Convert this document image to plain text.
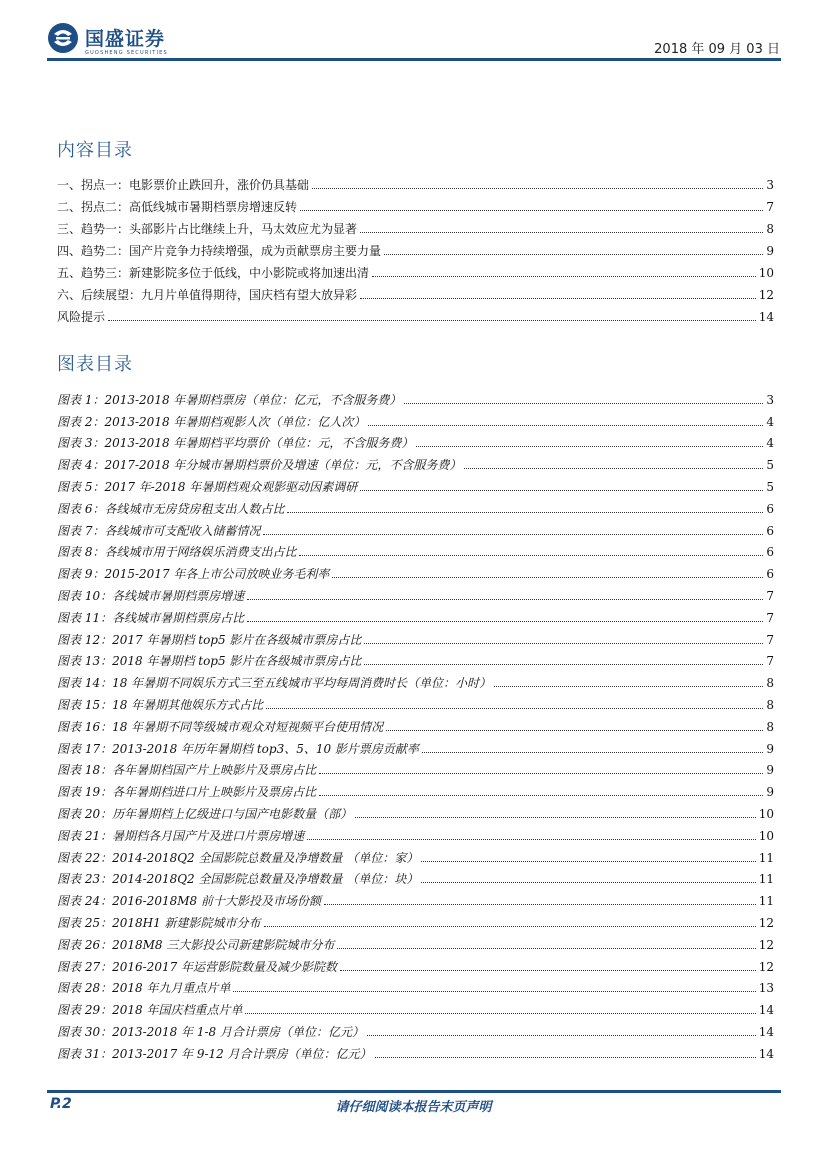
国盛证券
GUOSHENG SECURITIES	2018 年 09 月 03 日
内容目录
一、拐点一：电影票价止跌回升，涨价仍具基础	3
二、拐点二：高低线城市暑期档票房增速反转	7
三、趋势一：头部影片占比继续上升，马太效应尤为显著	8
四、趋势二：国产片竞争力持续增强，成为贡献票房主要力量	9
五、趋势三：新建影院多位于低线，中小影院或将加速出清	10
六、后续展望：九月片单值得期待，国庆档有望大放异彩	12
风险提示	14
图表目录
图表 1：2013-2018 年暑期档票房（单位：亿元，不含服务费）	3
图表 2：2013-2018 年暑期档观影人次（单位：亿人次）	4
图表 3：2013-2018 年暑期档平均票价（单位：元，不含服务费）	4
图表 4：2017-2018 年分城市暑期档票价及增速（单位：元，不含服务费）	5
图表 5：2017 年-2018 年暑期档观众观影驱动因素调研	5
图表 6：各线城市无房贷房租支出人数占比	6
图表 7：各线城市可支配收入储蓄情况	6
图表 8：各线城市用于网络娱乐消费支出占比	6
图表 9：2015-2017 年各上市公司放映业务毛利率	6
图表 10：各线城市暑期档票房增速	7
图表 11：各线城市暑期档票房占比	7
图表 12：2017 年暑期档 top5 影片在各级城市票房占比	7
图表 13：2018 年暑期档 top5 影片在各级城市票房占比	7
图表 14：18 年暑期不同娱乐方式三至五线城市平均每周消费时长（单位：小时）	8
图表 15：18 年暑期其他娱乐方式占比	8
图表 16：18 年暑期不同等级城市观众对短视频平台使用情况	8
图表 17：2013-2018 年历年暑期档 top3、5、10 影片票房贡献率	9
图表 18：各年暑期档国产片上映影片及票房占比	9
图表 19：各年暑期档进口片上映影片及票房占比	9
图表 20：历年暑期档上亿级进口与国产电影数量（部）	10
图表 21：暑期档各月国产片及进口片票房增速	10
图表 22：2014-2018Q2 全国影院总数量及净增数量 （单位：家）	11
图表 23：2014-2018Q2 全国影院总数量及净增数量 （单位：块）	11
图表 24：2016-2018M8 前十大影投及市场份额	11
图表 25：2018H1 新建影院城市分布	12
图表 26：2018M8 三大影投公司新建影院城市分布	12
图表 27：2016-2017 年运营影院数量及减少影院数	12
图表 28：2018 年九月重点片单	13
图表 29：2018 年国庆档重点片单	14
图表 30：2013-2018 年 1-8 月合计票房（单位：亿元）	14
图表 31：2013-2017 年 9-12 月合计票房（单位：亿元）	14
P.2	请仔细阅读本报告末页声明
